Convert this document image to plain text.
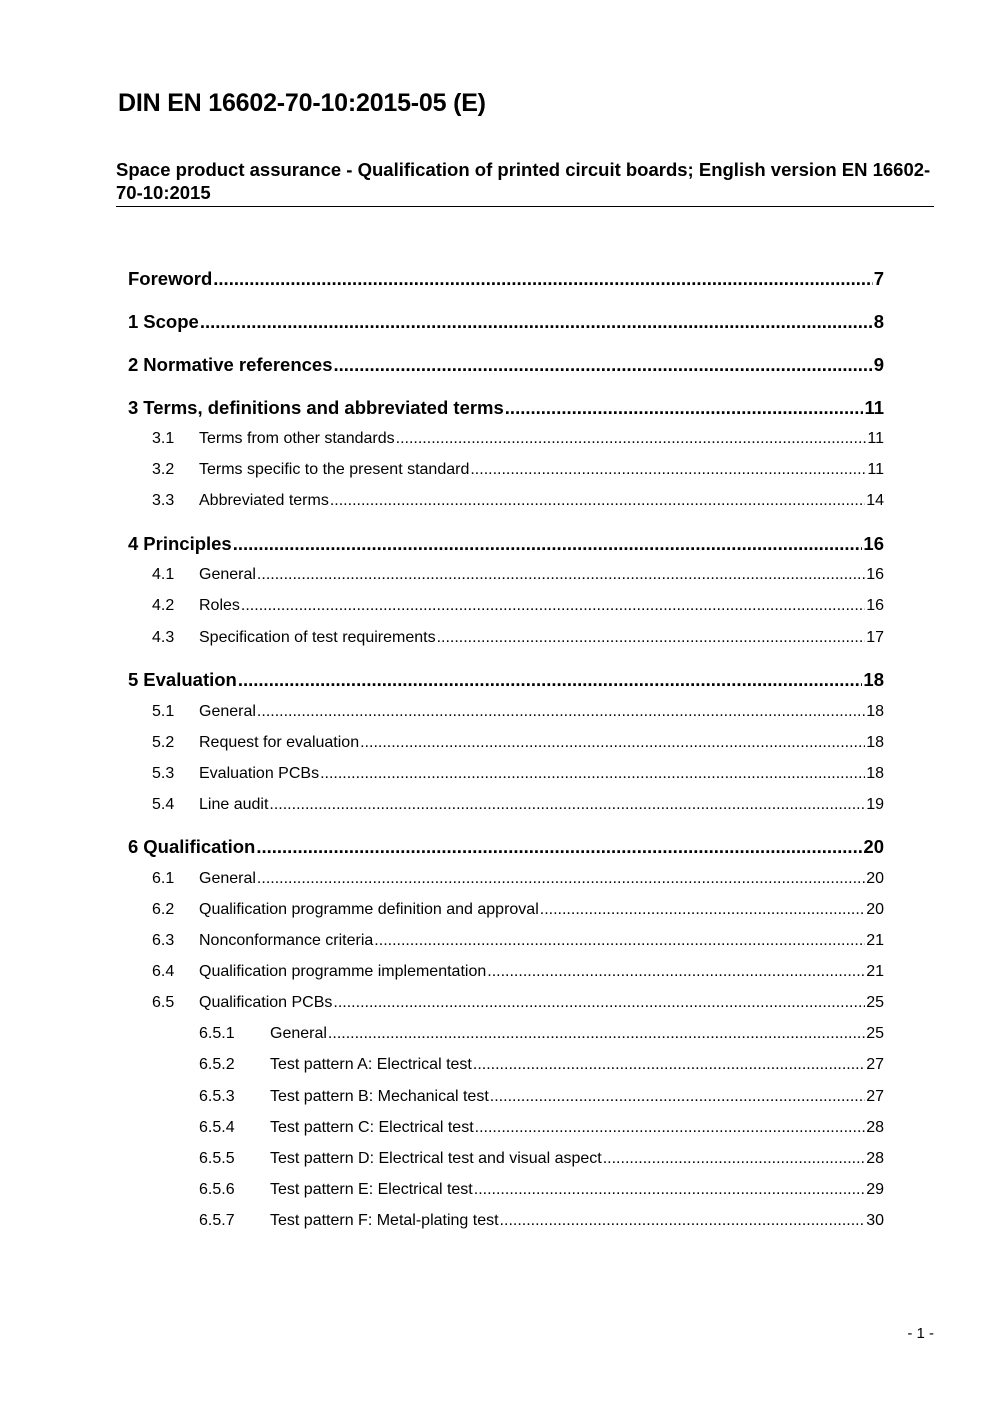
DIN EN 16602-70-10:2015-05 (E)
Space product assurance - Qualification of printed circuit boards; English version EN 16602-70-10:2015
Foreword .....	7
1 Scope .....	8
2 Normative references .....	9
3 Terms, definitions and abbreviated terms .....	11
3.1	Terms from other standards .....	11
3.2	Terms specific to the present standard .....	11
3.3	Abbreviated terms .....	14
4 Principles .....	16
4.1	General .....	16
4.2	Roles .....	16
4.3	Specification of test requirements .....	17
5 Evaluation .....	18
5.1	General .....	18
5.2	Request for evaluation .....	18
5.3	Evaluation PCBs .....	18
5.4	Line audit .....	19
6 Qualification .....	20
6.1	General .....	20
6.2	Qualification programme definition and approval .....	20
6.3	Nonconformance criteria .....	21
6.4	Qualification programme implementation .....	21
6.5	Qualification PCBs .....	25
6.5.1	General .....	25
6.5.2	Test pattern A: Electrical test .....	27
6.5.3	Test pattern B: Mechanical test .....	27
6.5.4	Test pattern C: Electrical test .....	28
6.5.5	Test pattern D: Electrical test and visual aspect .....	28
6.5.6	Test pattern E: Electrical test .....	29
6.5.7	Test pattern F: Metal-plating test .....	30
- 1 -
